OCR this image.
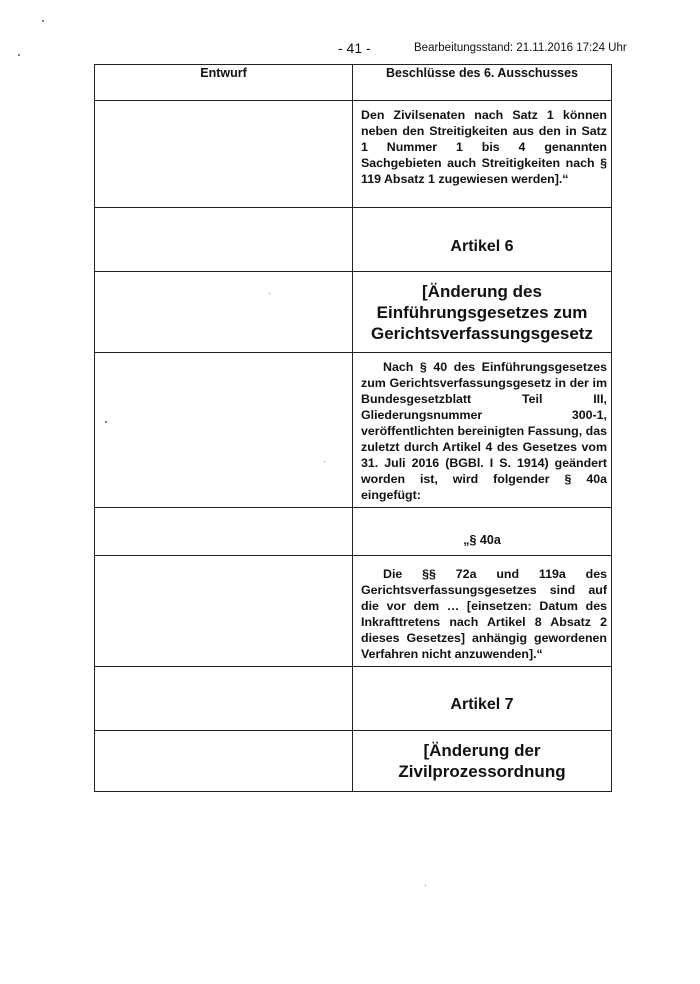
- 41 -	Bearbeitungsstand: 21.11.2016 17:24 Uhr
Entwurf	Beschlüsse des 6. Ausschusses

	Den Zivilsenaten nach Satz 1 können neben den Streitigkeiten aus den in Satz 1 Nummer 1 bis 4 genannten Sachgebieten auch Streitigkeiten nach § 119 Absatz 1 zugewiesen werden].“

	Artikel 6

	[Änderung des Einführungsgesetzes zum Gerichtsverfassungsgesetz

	Nach § 40 des Einführungsgesetzes zum Gerichtsverfassungsgesetz in der im Bundesgesetzblatt Teil III, Gliederungsnummer 300-1, veröffentlichten bereinigten Fassung, das zuletzt durch Artikel 4 des Gesetzes vom 31. Juli 2016 (BGBl. I S. 1914) geändert worden ist, wird folgender § 40a eingefügt:

	„§ 40a

	Die §§ 72a und 119a des Gerichtsverfassungsgesetzes sind auf die vor dem … [einsetzen: Datum des Inkrafttretens nach Artikel 8 Absatz 2 dieses Gesetzes] anhängig gewordenen Verfahren nicht anzuwenden].“

	Artikel 7

	[Änderung der Zivilprozessordnung
